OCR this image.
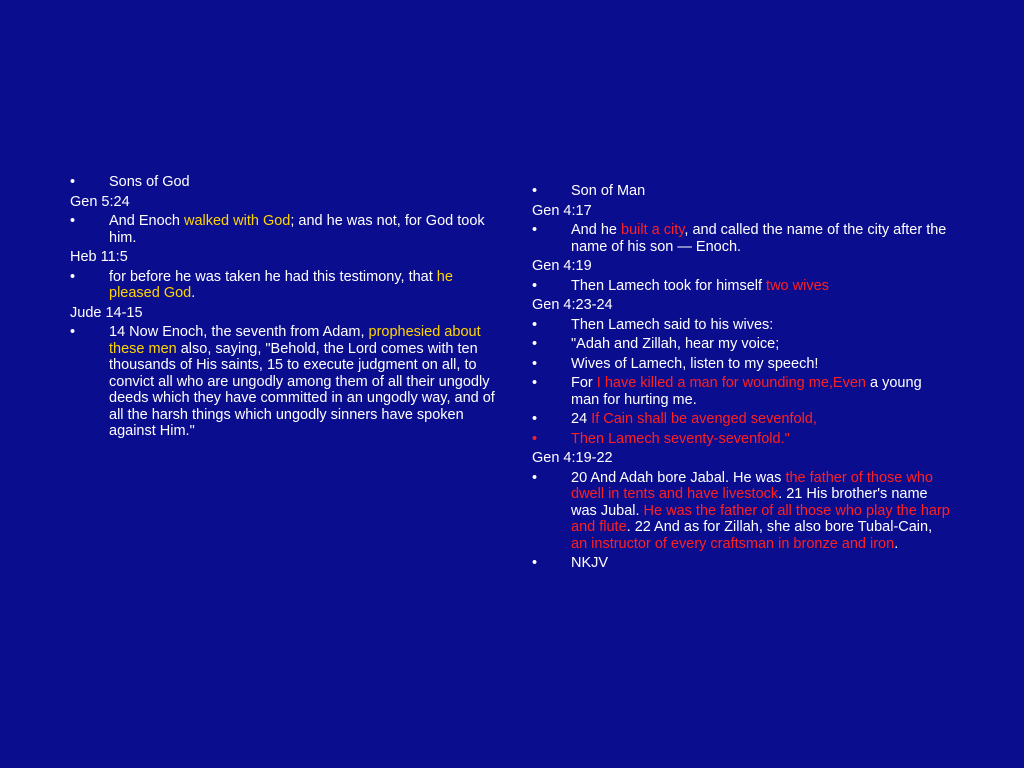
• Sons of God
Gen 5:24
• And Enoch walked with God; and he was not, for God took him.
Heb 11:5
• for before he was taken he had this testimony, that he pleased God.
Jude 14-15
• 14 Now Enoch, the seventh from Adam, prophesied about these men also, saying, "Behold, the Lord comes with ten thousands of His saints, 15 to execute judgment on all, to convict all who are ungodly among them of all their ungodly deeds which they have committed in an ungodly way, and of all the harsh things which ungodly sinners have spoken against Him."
• Son of Man
Gen 4:17
• And he built a city, and called the name of the city after the name of his son — Enoch.
Gen 4:19
• Then Lamech took for himself two wives
Gen 4:23-24
• Then Lamech said to his wives:
• "Adah and Zillah, hear my voice;
• Wives of Lamech, listen to my speech!
• For I have killed a man for wounding me,Even a young man for hurting me.
• 24 If Cain shall be avenged sevenfold,
• Then Lamech seventy-sevenfold."
Gen 4:19-22
• 20 And Adah bore Jabal. He was the father of those who dwell in tents and have livestock. 21 His brother's name was Jubal. He was the father of all those who play the harp and flute. 22 And as for Zillah, she also bore Tubal-Cain, an instructor of every craftsman in bronze and iron.
• NKJV
